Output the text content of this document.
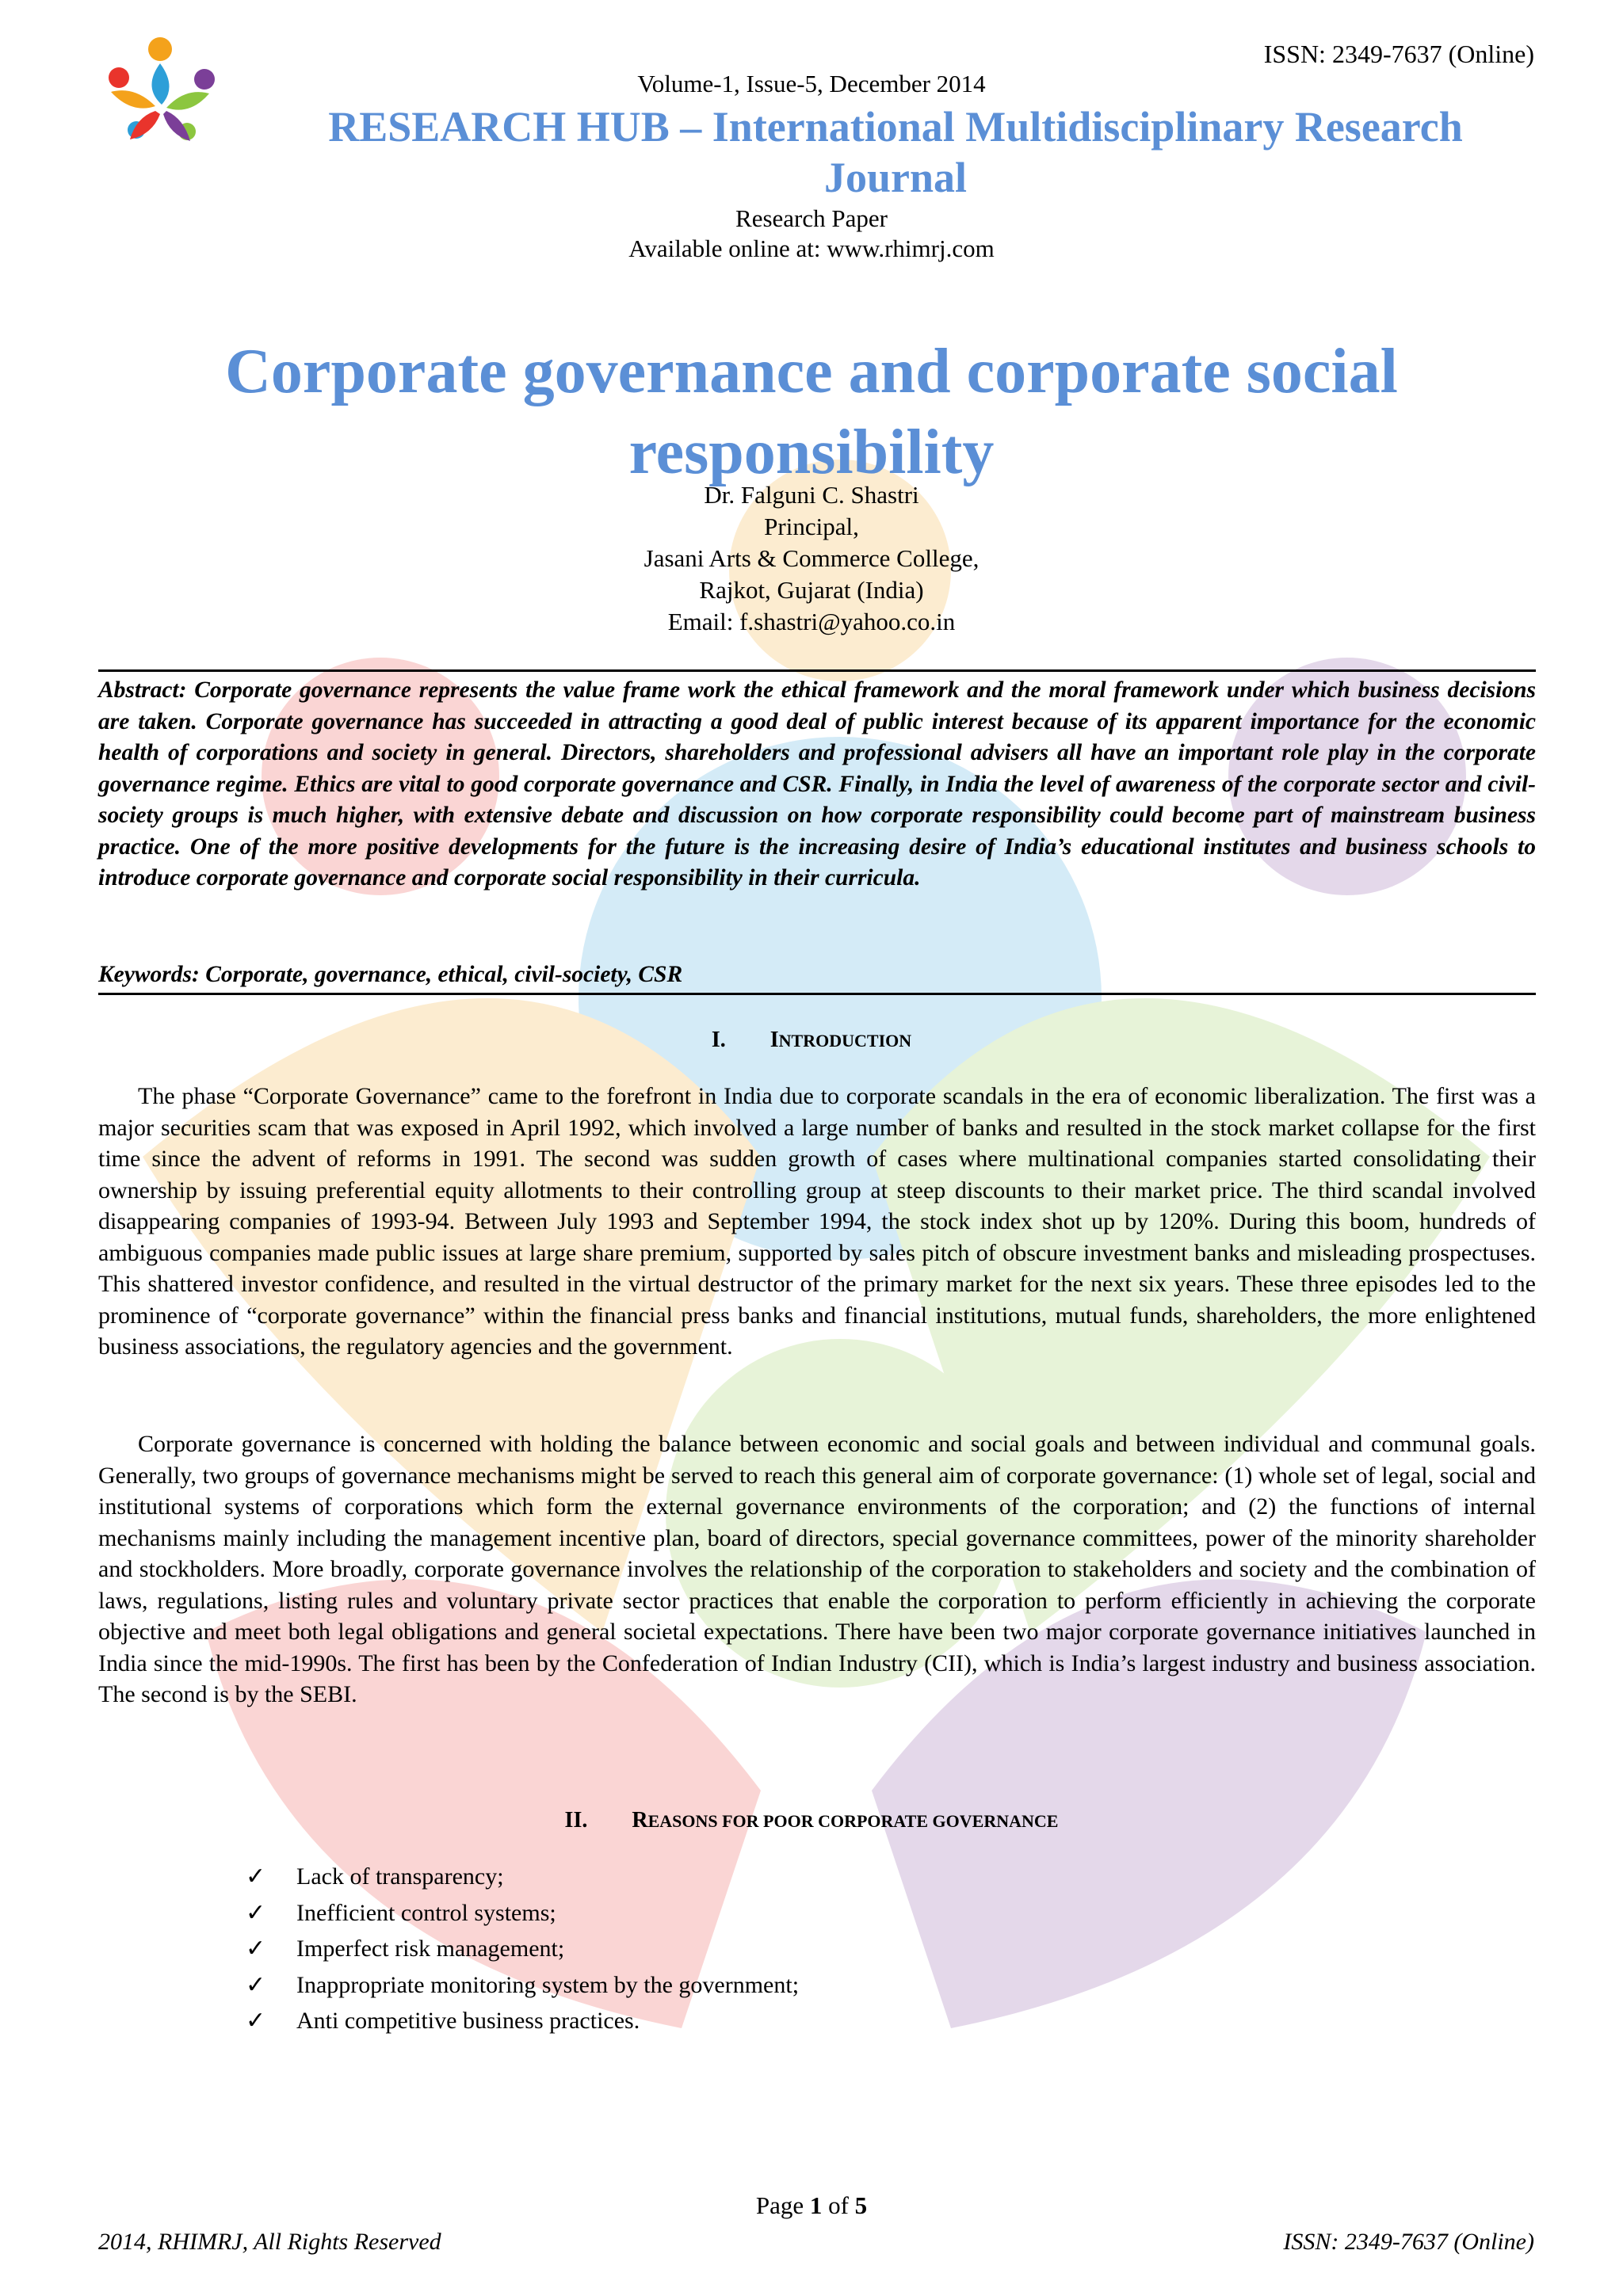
ISSN: 2349-7637 (Online)
Volume-1, Issue-5, December 2014
RESEARCH HUB – International Multidisciplinary Research Journal
Research Paper
Available online at: www.rhimrj.com
Corporate governance and corporate social responsibility
Dr. Falguni C. Shastri
Principal,
Jasani Arts & Commerce College,
Rajkot, Gujarat (India)
Email: f.shastri@yahoo.co.in
Abstract: Corporate governance represents the value frame work the ethical framework and the moral framework under which business decisions are taken. Corporate governance has succeeded in attracting a good deal of public interest because of its apparent importance for the economic health of corporations and society in general. Directors, shareholders and professional advisers all have an important role play in the corporate governance regime. Ethics are vital to good corporate governance and CSR. Finally, in India the level of awareness of the corporate sector and civil-society groups is much higher, with extensive debate and discussion on how corporate responsibility could become part of mainstream business practice. One of the more positive developments for the future is the increasing desire of India’s educational institutes and business schools to introduce corporate governance and corporate social responsibility in their curricula.
Keywords: Corporate, governance, ethical, civil-society, CSR
I. INTRODUCTION
The phase “Corporate Governance” came to the forefront in India due to corporate scandals in the era of economic liberalization. The first was a major securities scam that was exposed in April 1992, which involved a large number of banks and resulted in the stock market collapse for the first time since the advent of reforms in 1991. The second was sudden growth of cases where multinational companies started consolidating their ownership by issuing preferential equity allotments to their controlling group at steep discounts to their market price. The third scandal involved disappearing companies of 1993-94. Between July 1993 and September 1994, the stock index shot up by 120%. During this boom, hundreds of ambiguous companies made public issues at large share premium, supported by sales pitch of obscure investment banks and misleading prospectuses. This shattered investor confidence, and resulted in the virtual destructor of the primary market for the next six years. These three episodes led to the prominence of “corporate governance” within the financial press banks and financial institutions, mutual funds, shareholders, the more enlightened business associations, the regulatory agencies and the government.
Corporate governance is concerned with holding the balance between economic and social goals and between individual and communal goals. Generally, two groups of governance mechanisms might be served to reach this general aim of corporate governance: (1) whole set of legal, social and institutional systems of corporations which form the external governance environments of the corporation; and (2) the functions of internal mechanisms mainly including the management incentive plan, board of directors, special governance committees, power of the minority shareholder and stockholders. More broadly, corporate governance involves the relationship of the corporation to stakeholders and society and the combination of laws, regulations, listing rules and voluntary private sector practices that enable the corporation to perform efficiently in achieving the corporate objective and meet both legal obligations and general societal expectations. There have been two major corporate governance initiatives launched in India since the mid-1990s. The first has been by the Confederation of Indian Industry (CII), which is India’s largest industry and business association. The second is by the SEBI.
II. REASONS FOR POOR CORPORATE GOVERNANCE
✓ Lack of transparency;
✓ Inefficient control systems;
✓ Imperfect risk management;
✓ Inappropriate monitoring system by the government;
✓ Anti competitive business practices.
Page 1 of 5
2014, RHIMRJ, All Rights Reserved	ISSN: 2349-7637 (Online)
